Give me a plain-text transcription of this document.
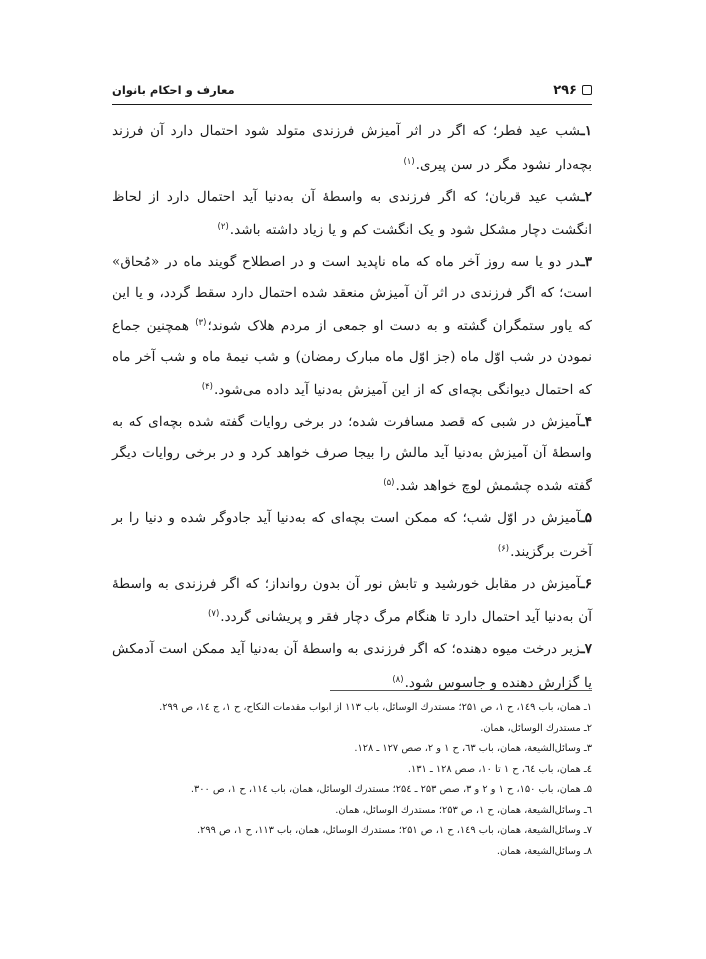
۲۹۶
معارف و احکام بانوان

۱ـشب عید فطر؛ که اگر در اثر آمیزش فرزندی متولد شود احتمال دارد آن فرزند بچه‌دار نشود مگر در سن پیری.$^{(۱)}$

۲ـشب عید قربان؛ که اگر فرزندی به واسطهٔ آن به‌دنیا آید احتمال دارد از لحاظ انگشت دچار مشکل شود و یک انگشت کم و یا زیاد داشته باشد.$^{(۲)}$

۳ـدر دو یا سه روز آخر ماه که ماه ناپدید است و در اصطلاح گویند ماه در «مُحاق» است؛ که اگر فرزندی در اثر آن آمیزش منعقد شده احتمال دارد سقط گردد، و یا این که یاور ستمگران گشته و به دست او جمعی از مردم هلاک شوند؛$^{(۳)}$ همچنین جماع نمودن در شب اوّل ماه (جز اوّل ماه مبارک رمضان) و شب نیمهٔ ماه و شب آخر ماه که احتمال دیوانگی بچه‌ای که از این آمیزش به‌دنیا آید داده می‌شود.$^{(۴)}$

۴ـآمیزش در شبی که قصد مسافرت شده؛ در برخی روایات گفته شده بچه‌ای که به واسطهٔ آن آمیزش به‌دنیا آید مالش را بیجا صرف خواهد کرد و در برخی روایات دیگر گفته شده چشمش لوچ خواهد شد.$^{(۵)}$

۵ـآمیزش در اوّل شب؛ که ممکن است بچه‌ای که به‌دنیا آید جادوگر شده و دنیا را بر آخرت برگزیند.$^{(۶)}$

۶ـآمیزش در مقابل خورشید و تابش نور آن بدون روانداز؛ که اگر فرزندی به واسطهٔ آن به‌دنیا آید احتمال دارد تا هنگام مرگ دچار فقر و پریشانی گردد.$^{(۷)}$

۷ـزیر درخت میوه دهنده؛ که اگر فرزندی به واسطهٔ آن به‌دنیا آید ممکن است آدمکش یا گزارش دهنده و جاسوس شود.$^{(۸)}$

۱ـ همان، باب ۱٤٩، ح ۱، ص ۲۵۱؛ مستدرك الوسائل، باب ۱۱۳ از ابواب مقدمات النكاح، ح ۱، ج ۱٤، ص ۲۹۹.

۲ـ مستدرك الوسائل، همان.

۳ـ وسائل‌الشيعة، همان، باب ٦۳، ح ۱ و ۲، صص ۱۲۷ ـ ۱۲۸.

٤ـ همان، باب ٦٤، ح ۱ تا ۱۰، صص ۱۲۸ ـ ۱۳۱.

۵ـ همان، باب ۱۵۰، ح ۱ و ۲ و ۳، صص ۲۵۳ ـ ۲۵٤؛ مستدرك الوسائل، همان، باب ۱۱٤، ح ۱، ص ۳۰۰.

٦ـ وسائل‌الشيعة، همان، ح ۱، ص ۲۵۳؛ مستدرك الوسائل، همان.

۷ـ وسائل‌الشيعة، همان، باب ۱٤٩، ح ۱، ص ۲۵۱؛ مستدرك الوسائل، همان، باب ۱۱۳، ح ۱، ص ۲۹۹.

۸ـ وسائل‌الشيعة، همان.
